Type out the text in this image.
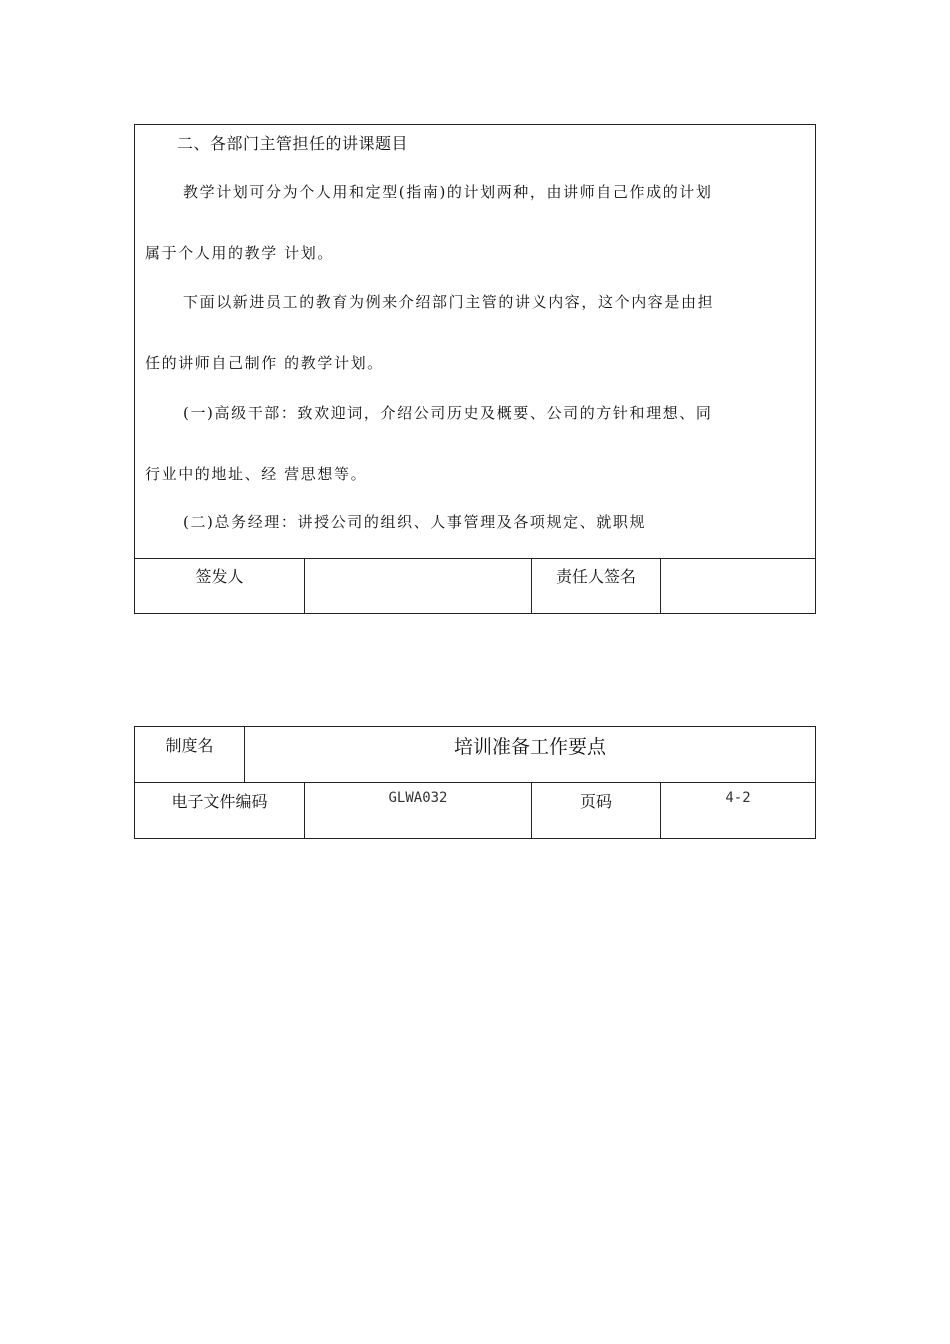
二、各部门主管担任的讲课题目
教学计划可分为个人用和定型(指南)的计划两种，由讲师自己作成的计划
属于个人用的教学 计划。
下面以新进员工的教育为例来介绍部门主管的讲义内容，这个内容是由担
任的讲师自己制作 的教学计划。
(一)高级干部：致欢迎词，介绍公司历史及概要、公司的方针和理想、同
行业中的地址、经 营思想等。
(二)总务经理：讲授公司的组织、人事管理及各项规定、就职规

签发人		责任人签名

制度名	培训准备工作要点			

电子文件编码		GLWA032	页码	4-2
